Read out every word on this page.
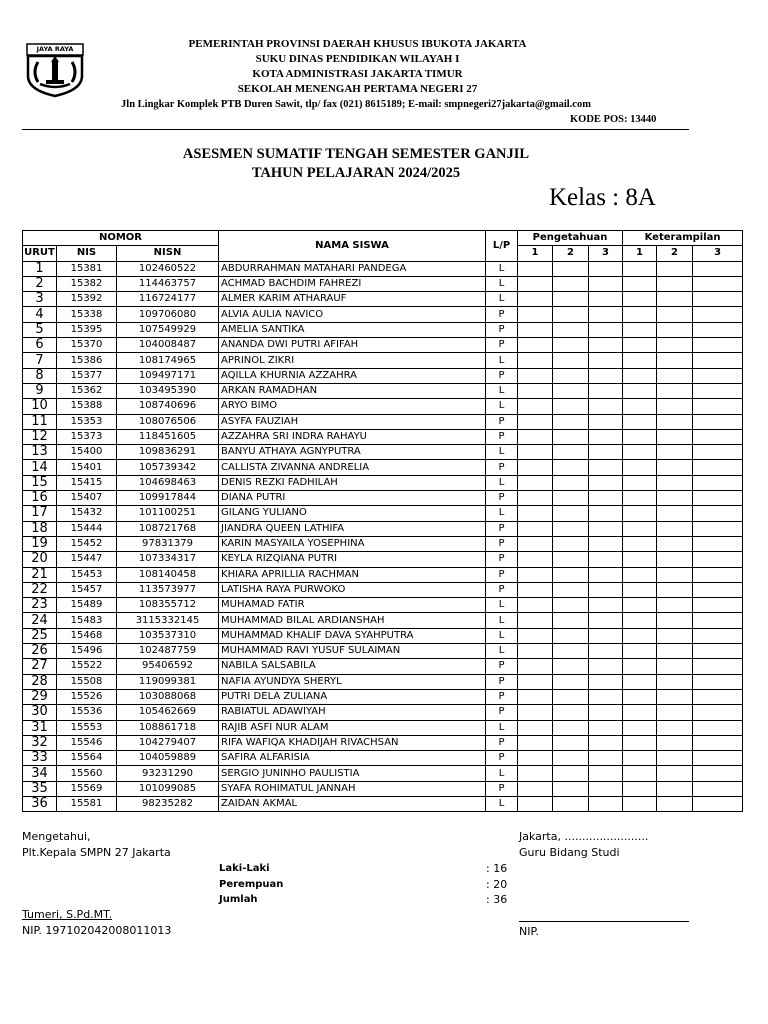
JAYA RAYA	PEMERINTAH PROVINSI DAERAH KHUSUS IBUKOTA JAKARTA
SUKU DINAS PENDIDIKAN WILAYAH I
KOTA ADMINISTRASI JAKARTA TIMUR
SEKOLAH MENENGAH PERTAMA NEGERI 27
Jln Lingkar Komplek PTB Duren Sawit, tlp/ fax (021) 8615189; E-mail: smpnegeri27jakarta@gmail.com
KODE POS: 13440
ASESMEN SUMATIF TENGAH SEMESTER GANJIL
TAHUN PELAJARAN 2024/2025
Kelas : 8A
NOMOR			NAMA SISWA	L/P	Pengetahuan			Keterampilan		
URUT	NIS	NISN			1	2	3	1	2	3
1	15381	102460522	ABDURRAHMAN MATAHARI PANDEGA	L						
2	15382	114463757	ACHMAD BACHDIM FAHREZI	L						
3	15392	116724177	ALMER KARIM ATHARAUF	L						
4	15338	109706080	ALVIA AULIA NAVICO	P						
5	15395	107549929	AMELIA SANTIKA	P						
6	15370	104008487	ANANDA DWI PUTRI AFIFAH	P						
7	15386	108174965	APRINOL ZIKRI	L						
8	15377	109497171	AQILLA KHURNIA AZZAHRA	P						
9	15362	103495390	ARKAN RAMADHAN	L						
10	15388	108740696	ARYO BIMO	L						
11	15353	108076506	ASYFA FAUZIAH	P						
12	15373	118451605	AZZAHRA SRI INDRA RAHAYU	P						
13	15400	109836291	BANYU ATHAYA AGNYPUTRA	L						
14	15401	105739342	CALLISTA ZIVANNA ANDRELIA	P						
15	15415	104698463	DENIS REZKI FADHILAH	L						
16	15407	109917844	DIANA PUTRI	P						
17	15432	101100251	GILANG YULIANO	L						
18	15444	108721768	JIANDRA QUEEN LATHIFA	P						
19	15452	97831379	KARIN MASYAILA YOSEPHINA	P						
20	15447	107334317	KEYLA RIZQIANA PUTRI	P						
21	15453	108140458	KHIARA APRILLIA RACHMAN	P						
22	15457	113573977	LATISHA RAYA PURWOKO	P						
23	15489	108355712	MUHAMAD FATIR	L						
24	15483	3115332145	MUHAMMAD BILAL ARDIANSHAH	L						
25	15468	103537310	MUHAMMAD KHALIF DAVA SYAHPUTRA	L						
26	15496	102487759	MUHAMMAD RAVI YUSUF SULAIMAN	L						
27	15522	95406592	NABILA SALSABILA	P						
28	15508	119099381	NAFIA AYUNDYA SHERYL	P						
29	15526	103088068	PUTRI DELA ZULIANA	P						
30	15536	105462669	RABIATUL ADAWIYAH	P						
31	15553	108861718	RAJIB ASFI NUR ALAM	L						
32	15546	104279407	RIFA WAFIQA KHADIJAH RIVACHSAN	P						
33	15564	104059889	SAFIRA ALFARISIA	P						
34	15560	93231290	SERGIO JUNINHO PAULISTIA	L						
35	15569	101099085	SYAFA ROHIMATUL JANNAH	P						
36	15581	98235282	ZAIDAN AKMAL	L						
Mengetahui,
Plt.Kepala SMPN 27 Jakarta
Laki-Laki	: 16
Perempuan	: 20
Jumlah	: 36
Tumeri, S.Pd.MT.
NIP. 197102042008011013
Jakarta, ........................
Guru Bidang Studi
NIP.
